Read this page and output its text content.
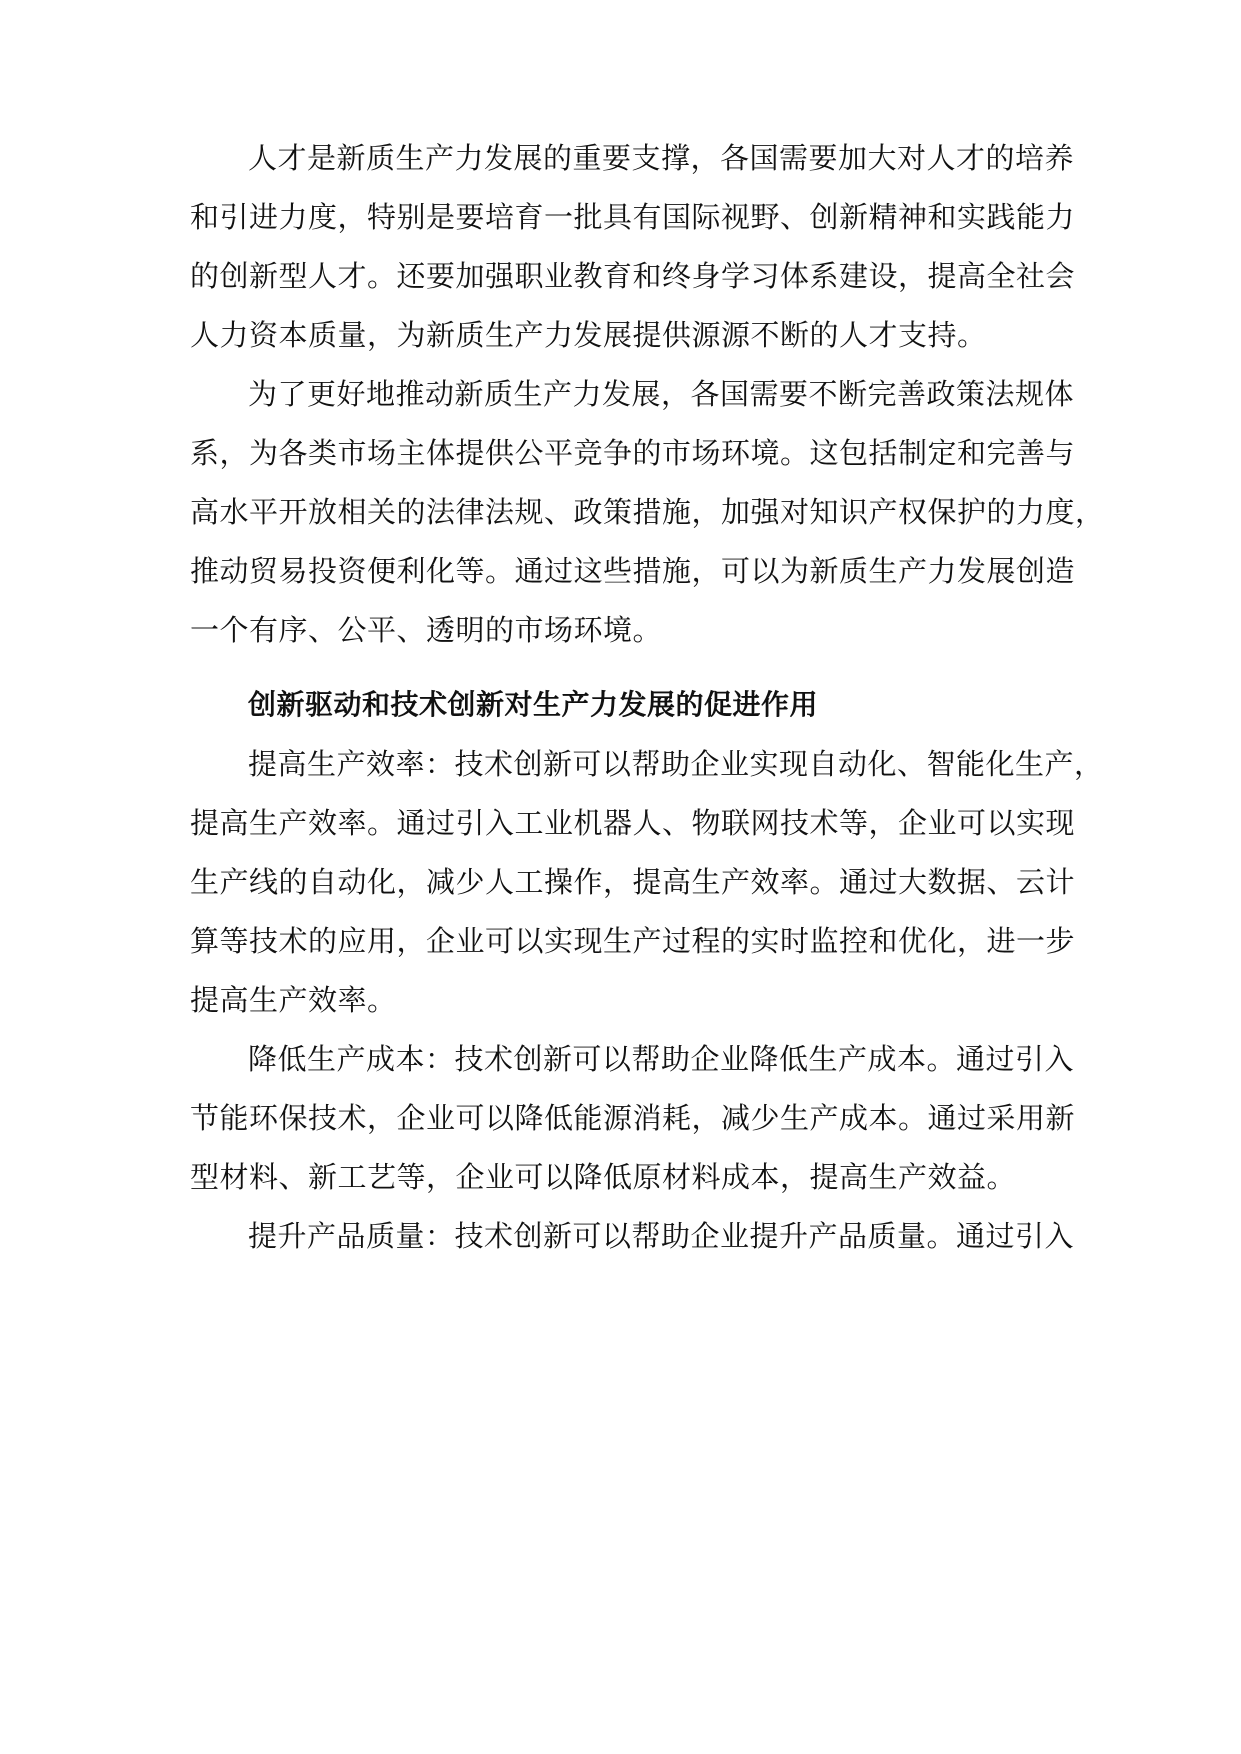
人才是新质生产力发展的重要支撑，各国需要加大对人才的培养
和引进力度，特别是要培育一批具有国际视野、创新精神和实践能力
的创新型人才。还要加强职业教育和终身学习体系建设，提高全社会
人力资本质量，为新质生产力发展提供源源不断的人才支持。
为了更好地推动新质生产力发展，各国需要不断完善政策法规体
系，为各类市场主体提供公平竞争的市场环境。这包括制定和完善与
高水平开放相关的法律法规、政策措施，加强对知识产权保护的力度，
推动贸易投资便利化等。通过这些措施，可以为新质生产力发展创造
一个有序、公平、透明的市场环境。
创新驱动和技术创新对生产力发展的促进作用
提高生产效率：技术创新可以帮助企业实现自动化、智能化生产，
提高生产效率。通过引入工业机器人、物联网技术等，企业可以实现
生产线的自动化，减少人工操作，提高生产效率。通过大数据、云计
算等技术的应用，企业可以实现生产过程的实时监控和优化，进一步
提高生产效率。
降低生产成本：技术创新可以帮助企业降低生产成本。通过引入
节能环保技术，企业可以降低能源消耗，减少生产成本。通过采用新
型材料、新工艺等，企业可以降低原材料成本，提高生产效益。
提升产品质量：技术创新可以帮助企业提升产品质量。通过引入
